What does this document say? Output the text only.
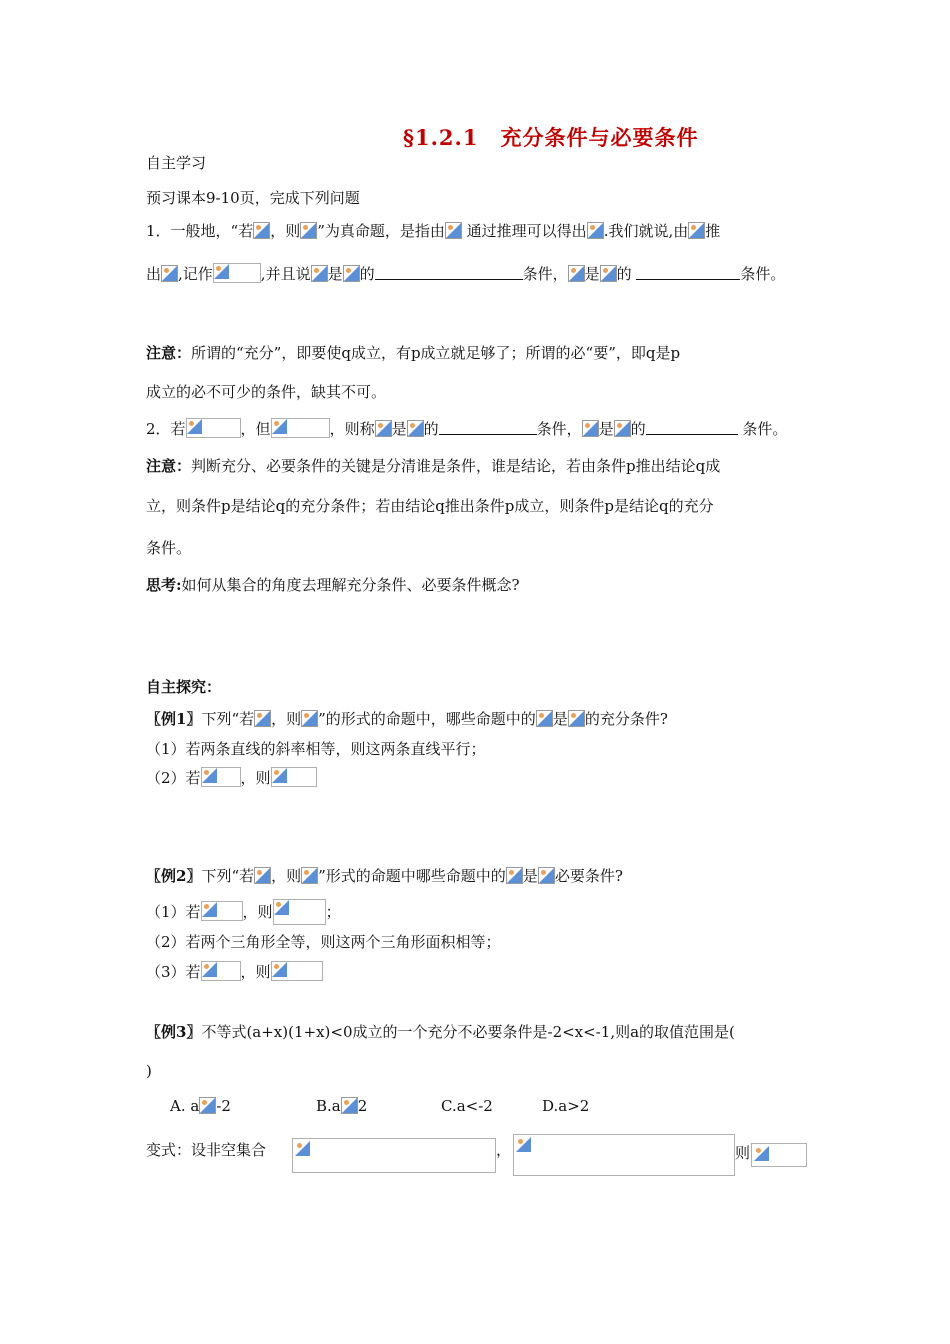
§1.2.1　充分条件与必要条件
自主学习
预习课本9-10页，完成下列问题
1．一般地，“若 ，则 ”为真命题，是指由 通过推理可以得出 .我们就说,由 推
出 ,记作	,并且说 是 的	条件， 是 的	条件。
注意：所谓的“充分”，即要使q成立，有p成立就足够了；所谓的必“要”，即q是p
成立的必不可少的条件，缺其不可。
2．若	，但	，则称 是 的	条件， 是 的	条件。
注意：判断充分、必要条件的关键是分清谁是条件，谁是结论，若由条件p推出结论q成
立，则条件p是结论q的充分条件；若由结论q推出条件p成立，则条件p是结论q的充分
条件。
思考:如何从集合的角度去理解充分条件、必要条件概念?
自主探究：
〖例1〗下列“若 ，则 ”的形式的命题中，哪些命题中的 是 的充分条件?
（1）若两条直线的斜率相等，则这两条直线平行；
（2）若	，则
〖例2〗下列“若 ，则 ”形式的命题中哪些命题中的 是 必要条件?
（1）若	，则	；
（2）若两个三角形全等，则这两个三角形面积相等；
（3）若	，则
〖例3〗不等式(a+x)(1+x)<0成立的一个充分不必要条件是-2<x<-1,则a的取值范围是(
)
A. a -2	B.a 2	C.a<-2	D.a>2
变式：设非空集合	，	则
